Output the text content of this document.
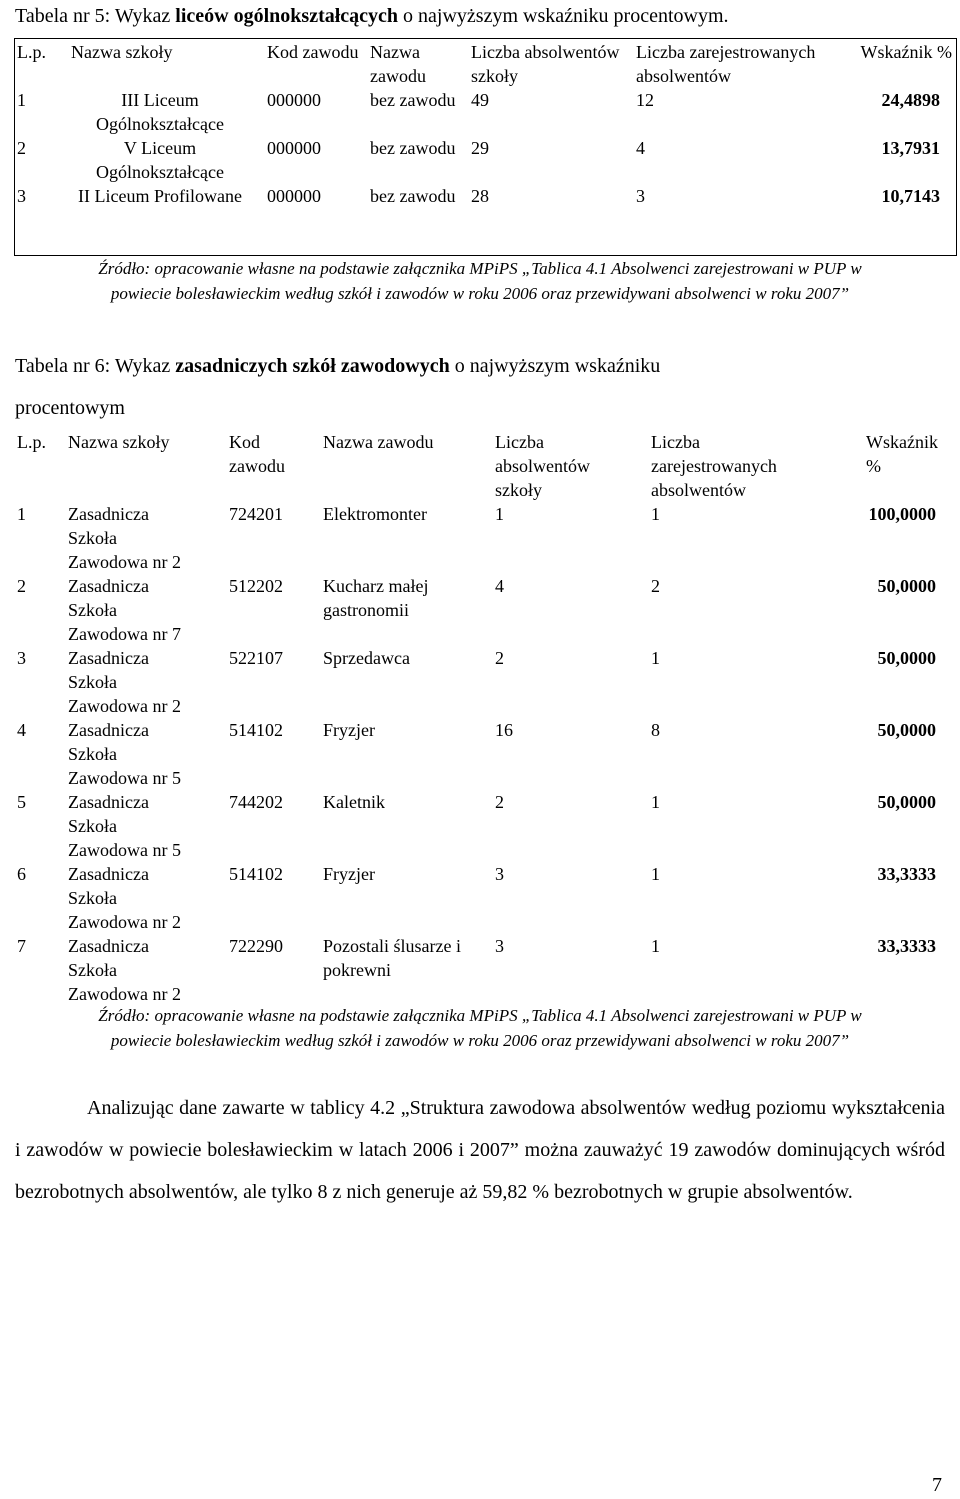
Tabela nr 5: Wykaz liceów ogólnokształcących o najwyższym wskaźniku procentowym.
L.p. Nazwa szkoły	Kod zawodu	Nazwa zawodu	Liczba absolwentów szkoły	Liczba zarejestrowanych absolwentów	Wskaźnik %
1 III Liceum Ogólnokształcące	000000	bez zawodu	49	12	24,4898
2 V Liceum Ogólnokształcące	000000	bez zawodu	29	4	13,7931
3 II Liceum Profilowane	000000	bez zawodu	28	3	10,7143
Źródło: opracowanie własne na podstawie załącznika MPiPS „Tablica 4.1 Absolwenci zarejestrowani w PUP w
powiecie bolesławieckim według szkół i zawodów w roku 2006 oraz przewidywani absolwenci w roku 2007”
Tabela nr 6: Wykaz zasadniczych szkół zawodowych o najwyższym wskaźniku
procentowym
L.p.	Nazwa szkoły	Kod zawodu	Nazwa zawodu	Liczba absolwentów szkoły	Liczba zarejestrowanych absolwentów	Wskaźnik %
1	Zasadnicza Szkoła Zawodowa nr 2	724201	Elektromonter	1	1	100,0000
2	Zasadnicza Szkoła Zawodowa nr 7	512202	Kucharz małej gastronomii	4	2	50,0000
3	Zasadnicza Szkoła Zawodowa nr 2	522107	Sprzedawca	2	1	50,0000
4	Zasadnicza Szkoła Zawodowa nr 5	514102	Fryzjer	16	8	50,0000
5	Zasadnicza Szkoła Zawodowa nr 5	744202	Kaletnik	2	1	50,0000
6	Zasadnicza Szkoła Zawodowa nr 2	514102	Fryzjer	3	1	33,3333
7	Zasadnicza Szkoła Zawodowa nr 2	722290	Pozostali ślusarze i pokrewni	3	1	33,3333
Źródło: opracowanie własne na podstawie załącznika MPiPS „Tablica 4.1 Absolwenci zarejestrowani w PUP w
powiecie bolesławieckim według szkół i zawodów w roku 2006 oraz przewidywani absolwenci w roku 2007”
Analizując dane zawarte w tablicy 4.2 „Struktura zawodowa absolwentów według poziomu wykształcenia i zawodów w powiecie bolesławieckim w latach 2006 i 2007” można zauważyć 19 zawodów dominujących wśród bezrobotnych absolwentów, ale tylko 8 z nich generuje aż 59,82 % bezrobotnych w grupie absolwentów.
7
